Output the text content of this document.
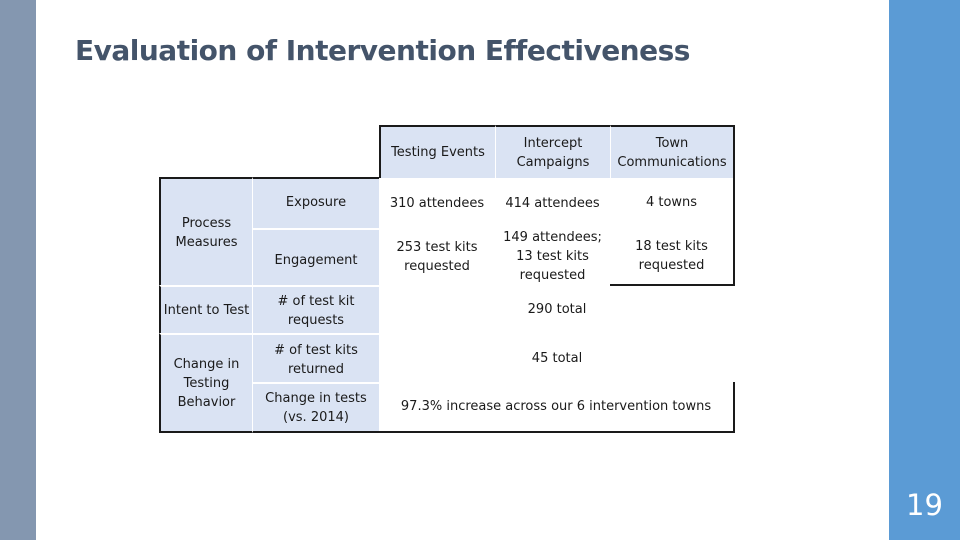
19
Evaluation of Intervention Effectiveness
Testing Events
Intercept Campaigns
Town Communications
Process Measures
Intent to Test
Change in Testing Behavior
Exposure
Engagement
# of test kit requests
# of test kits returned
Change in tests (vs. 2014)
310 attendees	414 attendees	4 towns
253 test kits requested
149 attendees; 13 test kits requested
18 test kits requested
290 total
45 total
97.3% increase across our 6 intervention towns
